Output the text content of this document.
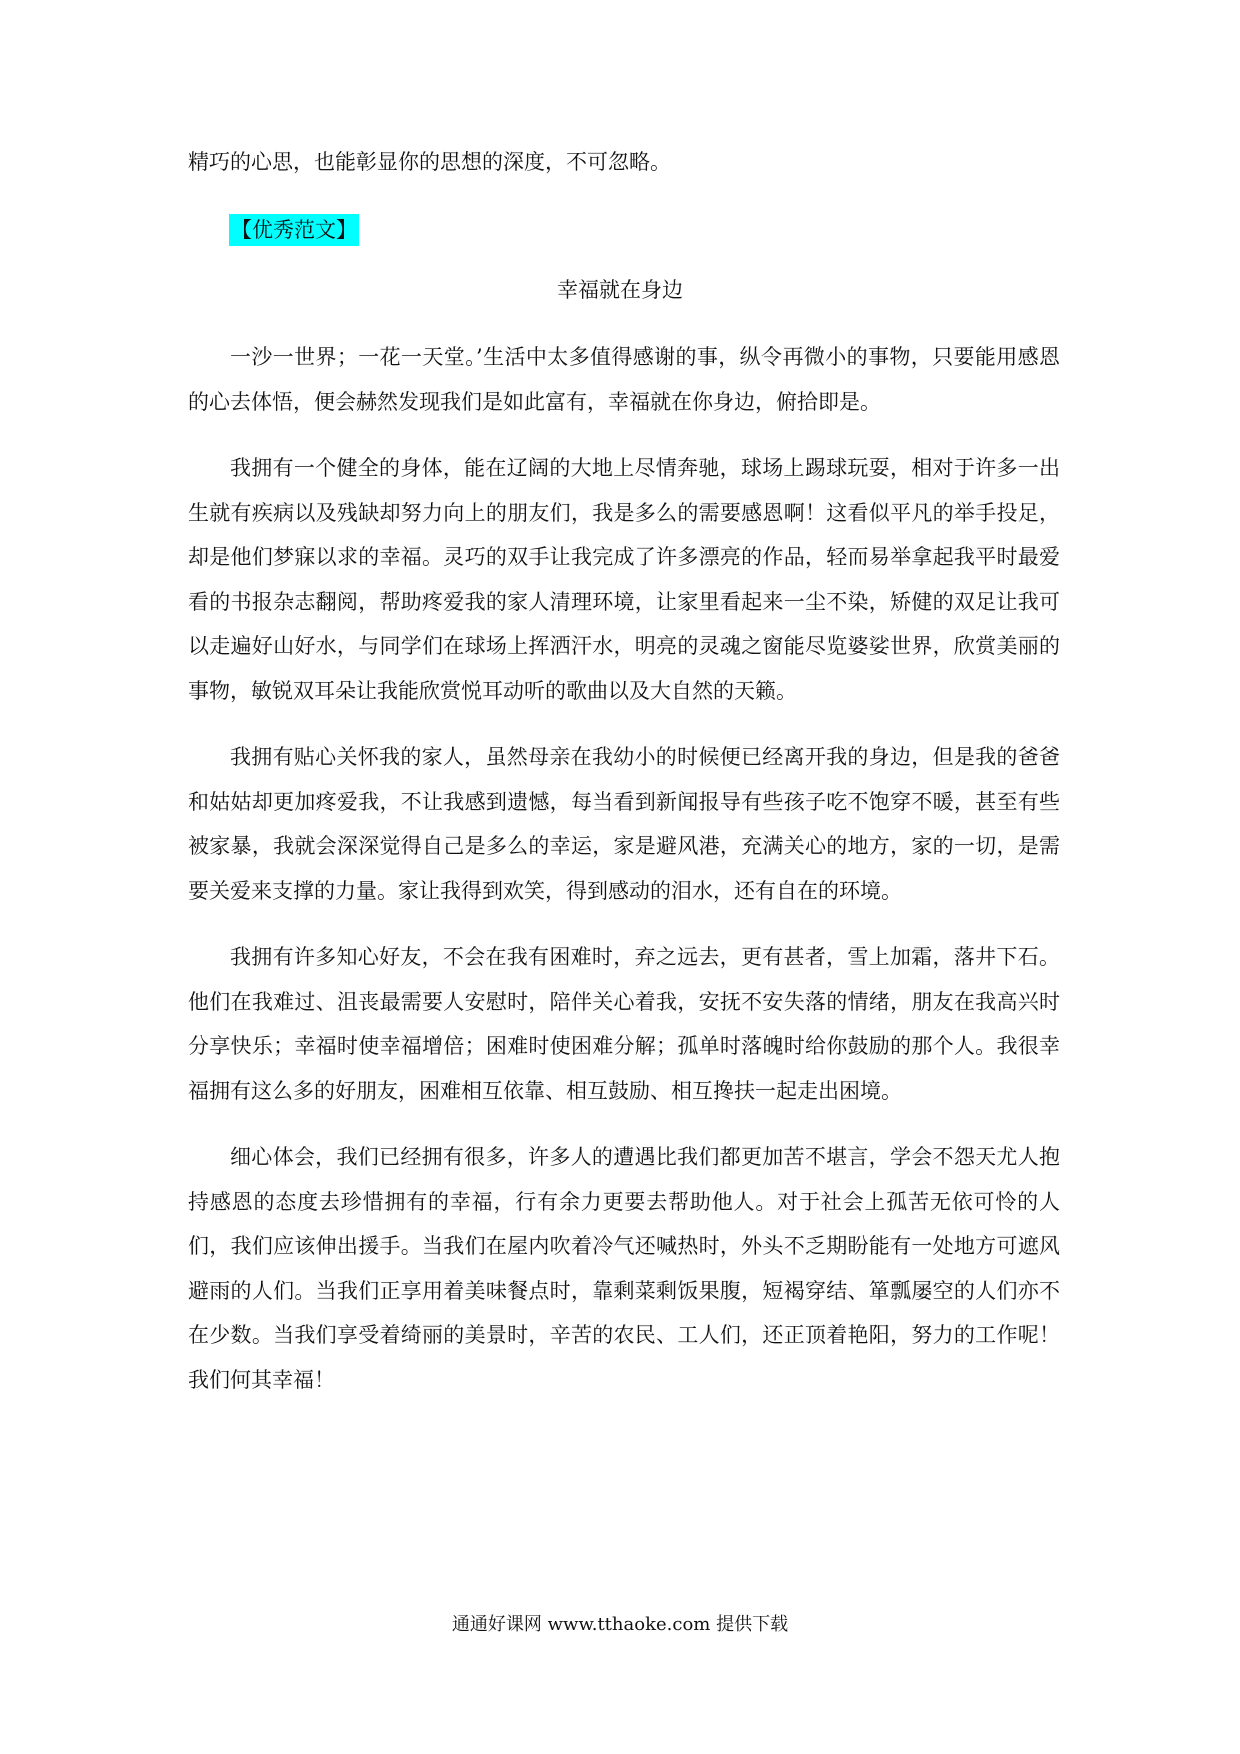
精巧的心思，也能彰显你的思想的深度，不可忽略。

【优秀范文】
幸福就在身边

一沙一世界；一花一天堂。’生活中太多值得感谢的事，纵令再微小的事物，只要能用感恩的心去体悟，便会赫然发现我们是如此富有，幸福就在你身边，俯拾即是。

我拥有一个健全的身体，能在辽阔的大地上尽情奔驰，球场上踢球玩耍，相对于许多一出生就有疾病以及残缺却努力向上的朋友们，我是多么的需要感恩啊！这看似平凡的举手投足，却是他们梦寐以求的幸福。灵巧的双手让我完成了许多漂亮的作品，轻而易举拿起我平时最爱看的书报杂志翻阅，帮助疼爱我的家人清理环境，让家里看起来一尘不染，矫健的双足让我可以走遍好山好水，与同学们在球场上挥洒汗水，明亮的灵魂之窗能尽览婆娑世界，欣赏美丽的事物，敏锐双耳朵让我能欣赏悦耳动听的歌曲以及大自然的天籁。

我拥有贴心关怀我的家人，虽然母亲在我幼小的时候便已经离开我的身边，但是我的爸爸和姑姑却更加疼爱我，不让我感到遗憾，每当看到新闻报导有些孩子吃不饱穿不暖，甚至有些被家暴，我就会深深觉得自己是多么的幸运，家是避风港，充满关心的地方，家的一切，是需要关爱来支撑的力量。家让我得到欢笑，得到感动的泪水，还有自在的环境。

我拥有许多知心好友，不会在我有困难时，弃之远去，更有甚者，雪上加霜，落井下石。他们在我难过、沮丧最需要人安慰时，陪伴关心着我，安抚不安失落的情绪，朋友在我高兴时分享快乐；幸福时使幸福增倍；困难时使困难分解；孤单时落魄时给你鼓励的那个人。我很幸福拥有这么多的好朋友，困难相互依靠、相互鼓励、相互搀扶一起走出困境。

细心体会，我们已经拥有很多，许多人的遭遇比我们都更加苦不堪言，学会不怨天尤人抱持感恩的态度去珍惜拥有的幸福，行有余力更要去帮助他人。对于社会上孤苦无依可怜的人们，我们应该伸出援手。当我们在屋内吹着冷气还喊热时，外头不乏期盼能有一处地方可遮风避雨的人们。当我们正享用着美味餐点时，靠剩菜剩饭果腹，短褐穿结、箪瓢屡空的人们亦不在少数。当我们享受着绮丽的美景时，辛苦的农民、工人们，还正顶着艳阳，努力的工作呢！我们何其幸福！

通通好课网 www.tthaoke.com 提供下载
